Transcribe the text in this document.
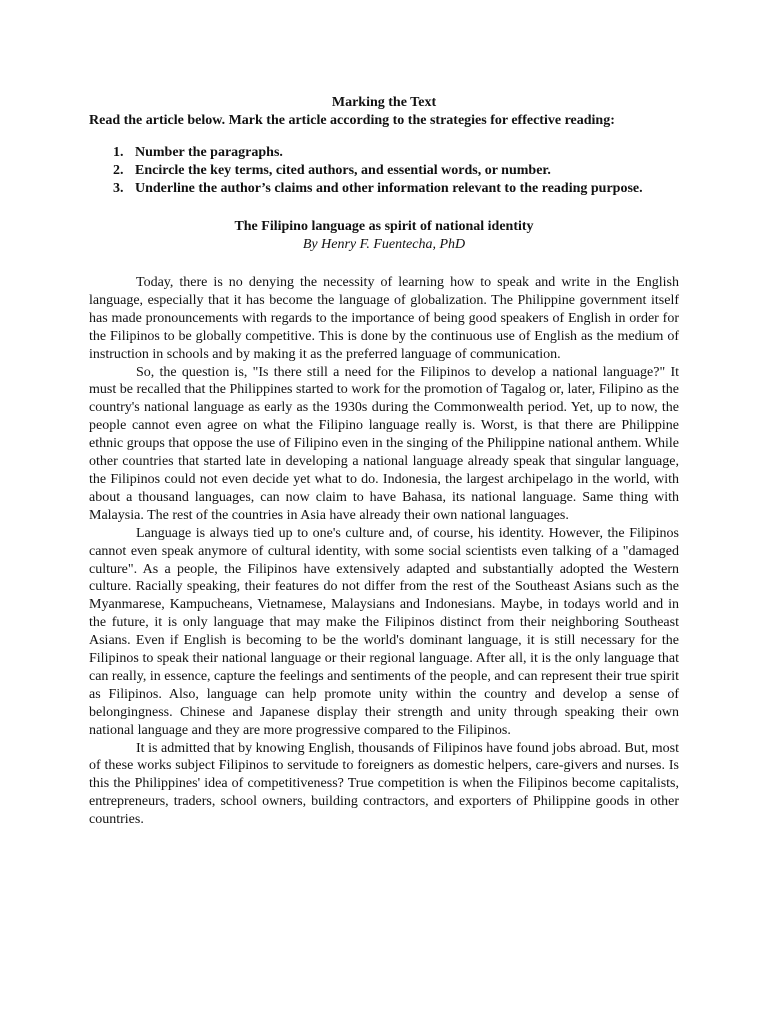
Marking the Text

Read the article below. Mark the article according to the strategies for effective reading:

1. Number the paragraphs.
2. Encircle the key terms, cited authors, and essential words, or number.
3. Underline the author’s claims and other information relevant to the reading purpose.
The Filipino language as spirit of national identity

By Henry F. Fuentecha, PhD

Today, there is no denying the necessity of learning how to speak and write in the English language, especially that it has become the language of globalization. The Philippine government itself has made pronouncements with regards to the importance of being good speakers of English in order for the Filipinos to be globally competitive. This is done by the continuous use of English as the medium of instruction in schools and by making it as the preferred language of communication.

So, the question is, "Is there still a need for the Filipinos to develop a national language?" It must be recalled that the Philippines started to work for the promotion of Tagalog or, later, Filipino as the country's national language as early as the 1930s during the Commonwealth period. Yet, up to now, the people cannot even agree on what the Filipino language really is. Worst, is that there are Philippine ethnic groups that oppose the use of Filipino even in the singing of the Philippine national anthem. While other countries that started late in developing a national language already speak that singular language, the Filipinos could not even decide yet what to do. Indonesia, the largest archipelago in the world, with about a thousand languages, can now claim to have Bahasa, its national language. Same thing with Malaysia. The rest of the countries in Asia have already their own national languages.

Language is always tied up to one's culture and, of course, his identity. However, the Filipinos cannot even speak anymore of cultural identity, with some social scientists even talking of a "damaged culture". As a people, the Filipinos have extensively adapted and substantially adopted the Western culture. Racially speaking, their features do not differ from the rest of the Southeast Asians such as the Myanmarese, Kampucheans, Vietnamese, Malaysians and Indonesians. Maybe, in todays world and in the future, it is only language that may make the Filipinos distinct from their neighboring Southeast Asians. Even if English is becoming to be the world's dominant language, it is still necessary for the Filipinos to speak their national language or their regional language. After all, it is the only language that can really, in essence, capture the feelings and sentiments of the people, and can represent their true spirit as Filipinos. Also, language can help promote unity within the country and develop a sense of belongingness. Chinese and Japanese display their strength and unity through speaking their own national language and they are more progressive compared to the Filipinos.

It is admitted that by knowing English, thousands of Filipinos have found jobs abroad. But, most of these works subject Filipinos to servitude to foreigners as domestic helpers, care-givers and nurses. Is this the Philippines' idea of competitiveness? True competition is when the Filipinos become capitalists, entrepreneurs, traders, school owners, building contractors, and exporters of Philippine goods in other countries.
